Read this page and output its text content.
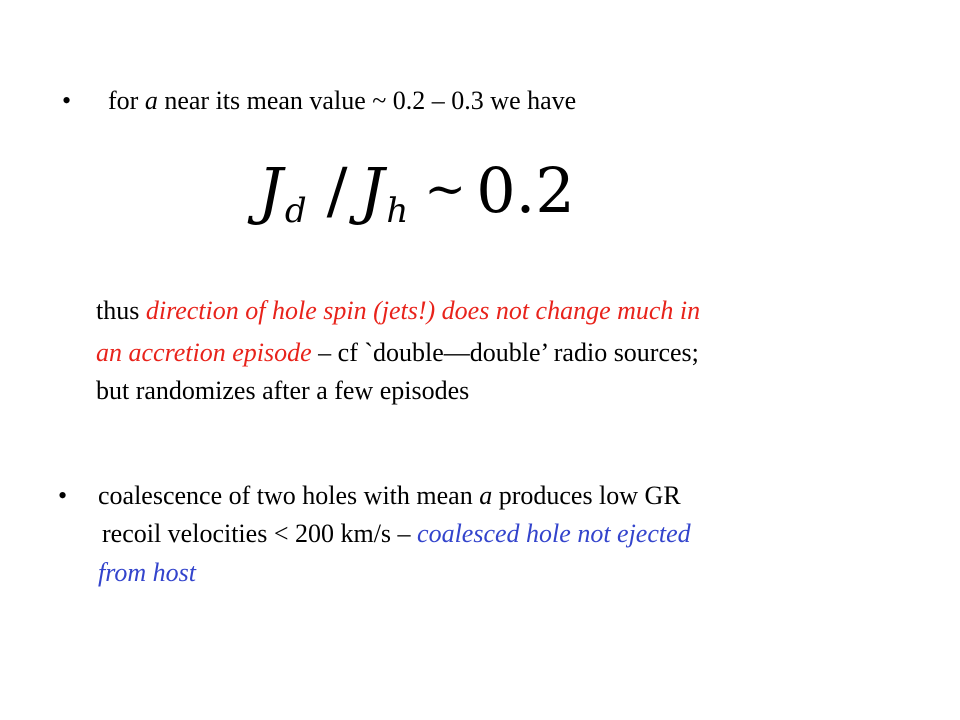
• for a near its mean value ~ 0.2 – 0.3 we have
Jd / Jh ~ 0.2
thus direction of hole spin (jets!) does not change much in
an accretion episode – cf `double—double’ radio sources;
but randomizes after a few episodes
• coalescence of two holes with mean a produces low GR
recoil velocities < 200 km/s – coalesced hole not ejected
from host
